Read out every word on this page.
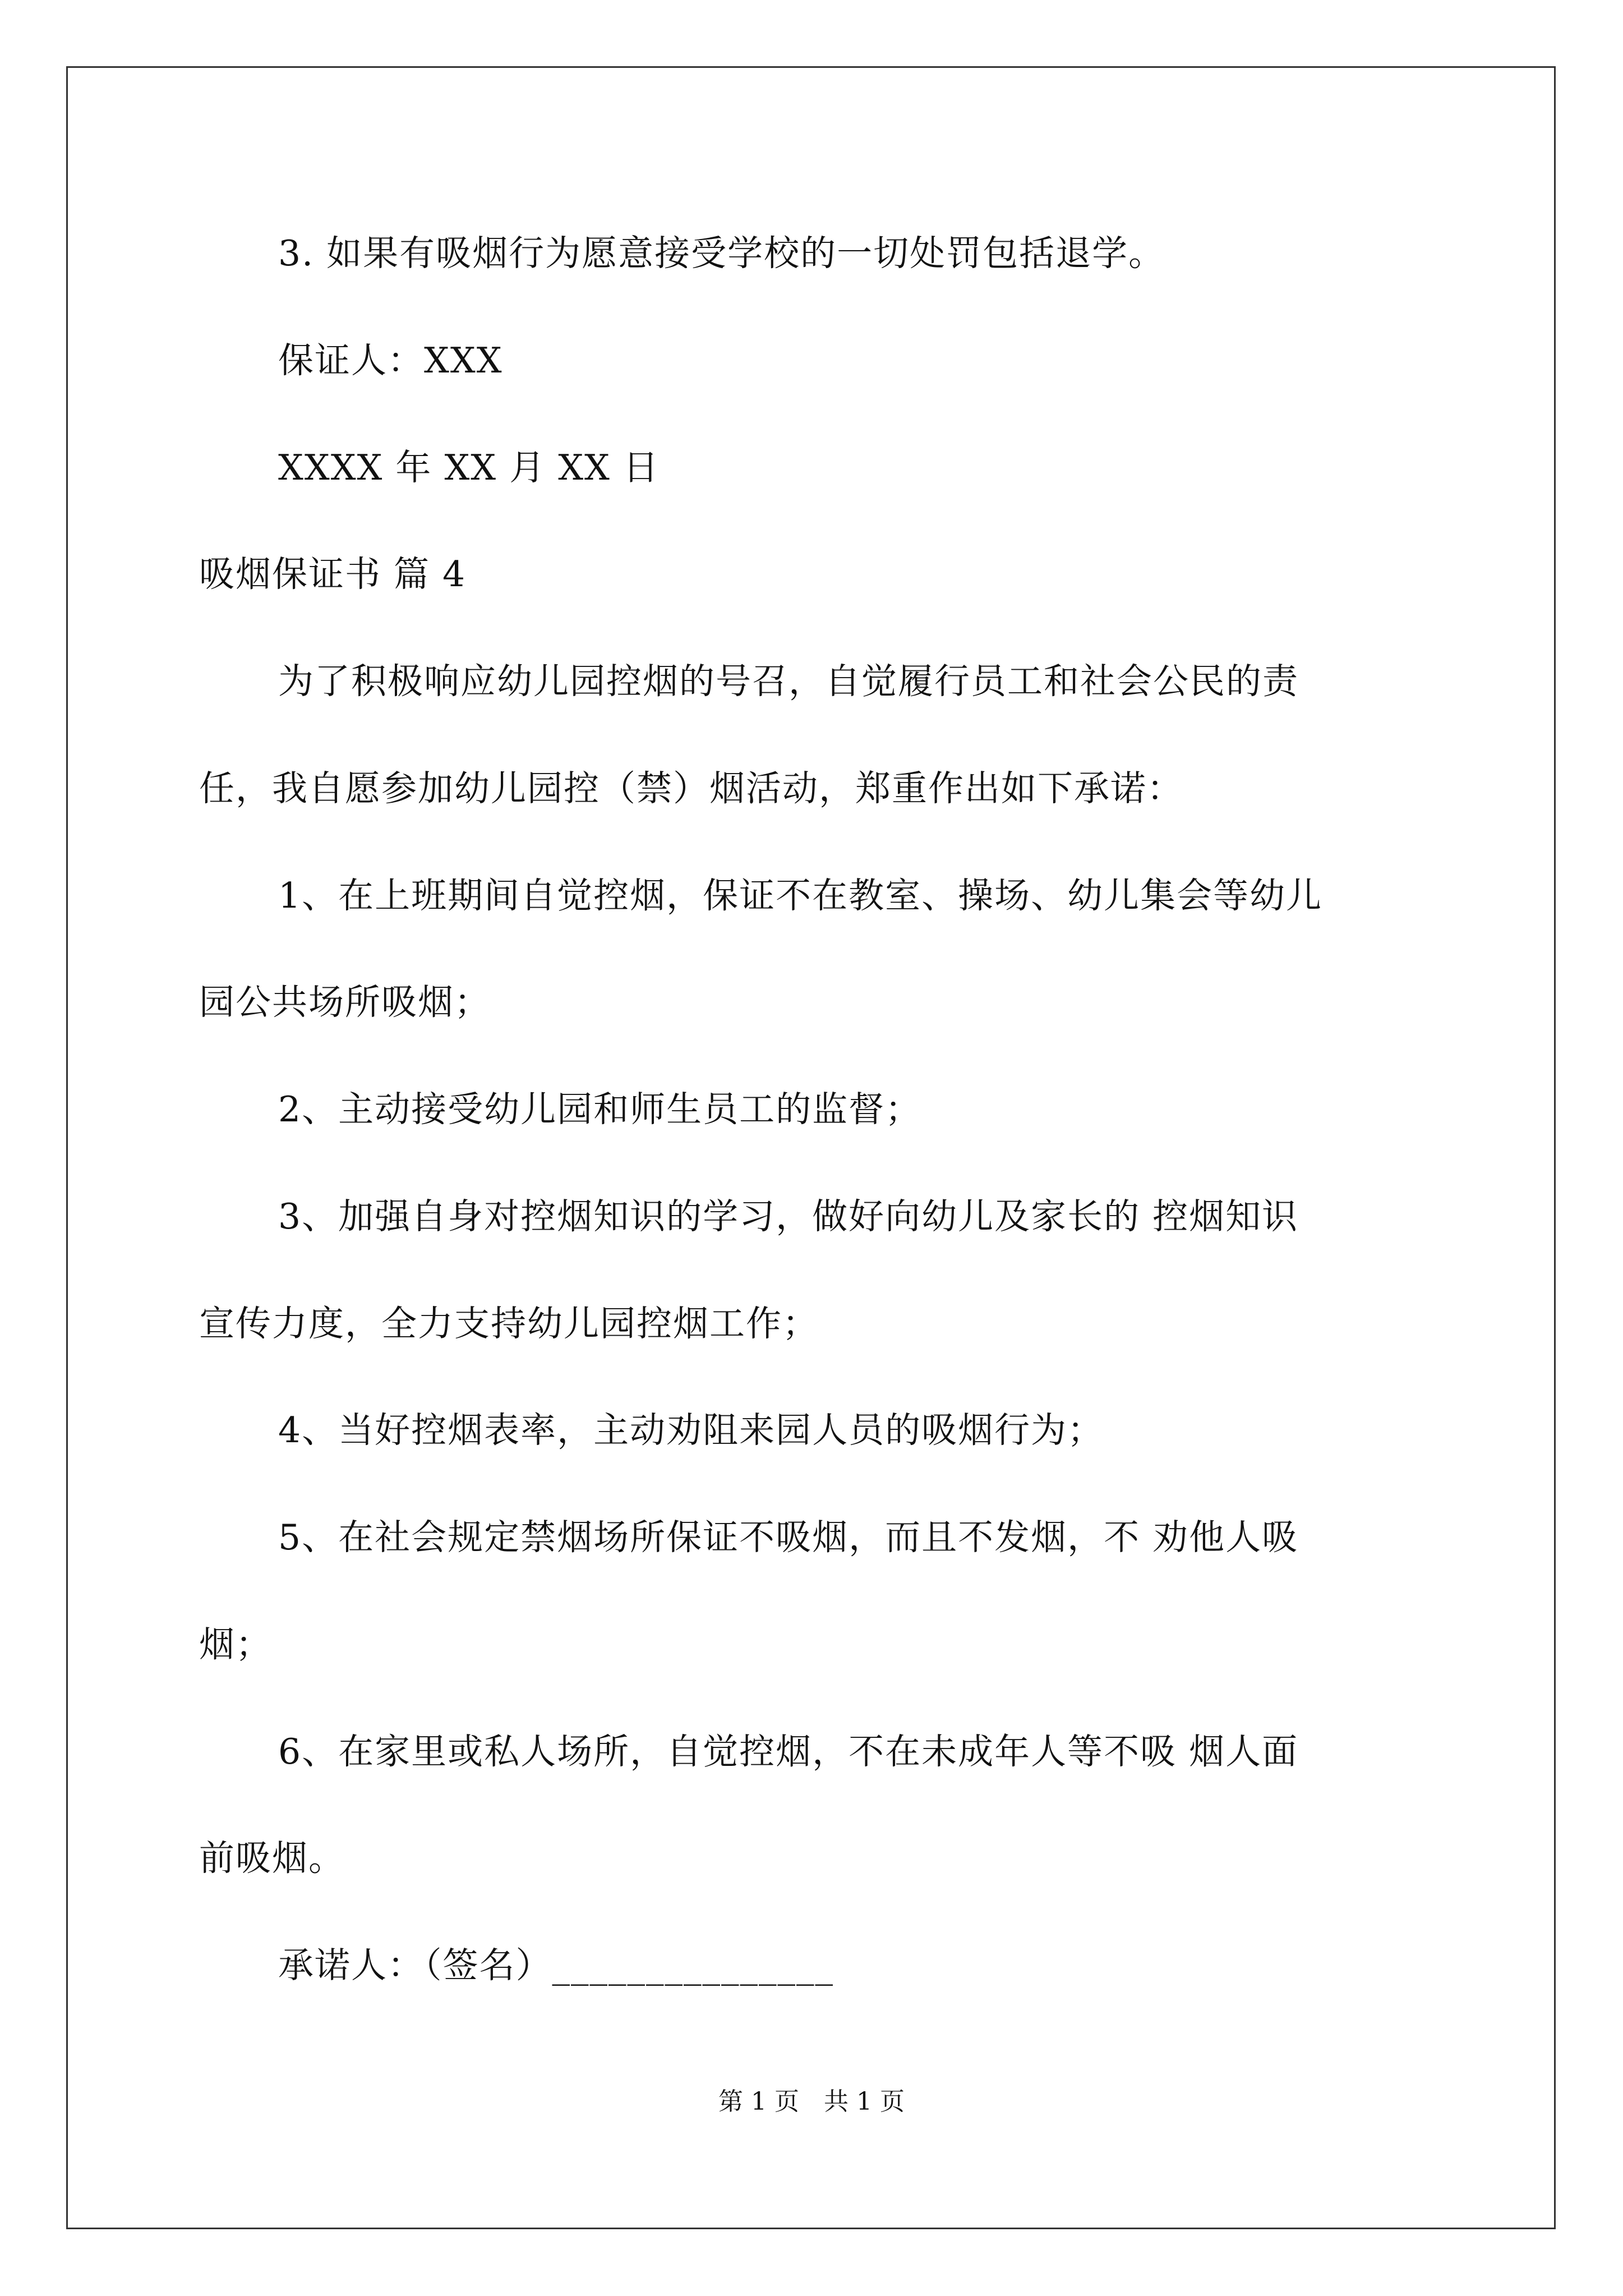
3. 如果有吸烟行为愿意接受学校的一切处罚包括退学。
保证人：XXX
XXXX 年 XX 月 XX 日
吸烟保证书 篇 4
为了积极响应幼儿园控烟的号召，自觉履行员工和社会公民的责
任，我自愿参加幼儿园控（禁）烟活动，郑重作出如下承诺：
1、在上班期间自觉控烟，保证不在教室、操场、幼儿集会等幼儿
园公共场所吸烟；
2、主动接受幼儿园和师生员工的监督；
3、加强自身对控烟知识的学习，做好向幼儿及家长的 控烟知识
宣传力度，全力支持幼儿园控烟工作；
4、当好控烟表率，主动劝阻来园人员的吸烟行为；
5、在社会规定禁烟场所保证不吸烟，而且不发烟，不 劝他人吸
烟；
6、在家里或私人场所，自觉控烟，不在未成年人等不吸 烟人面
前吸烟。
承诺人：（签名）_______________
第 1 页　共 1 页
